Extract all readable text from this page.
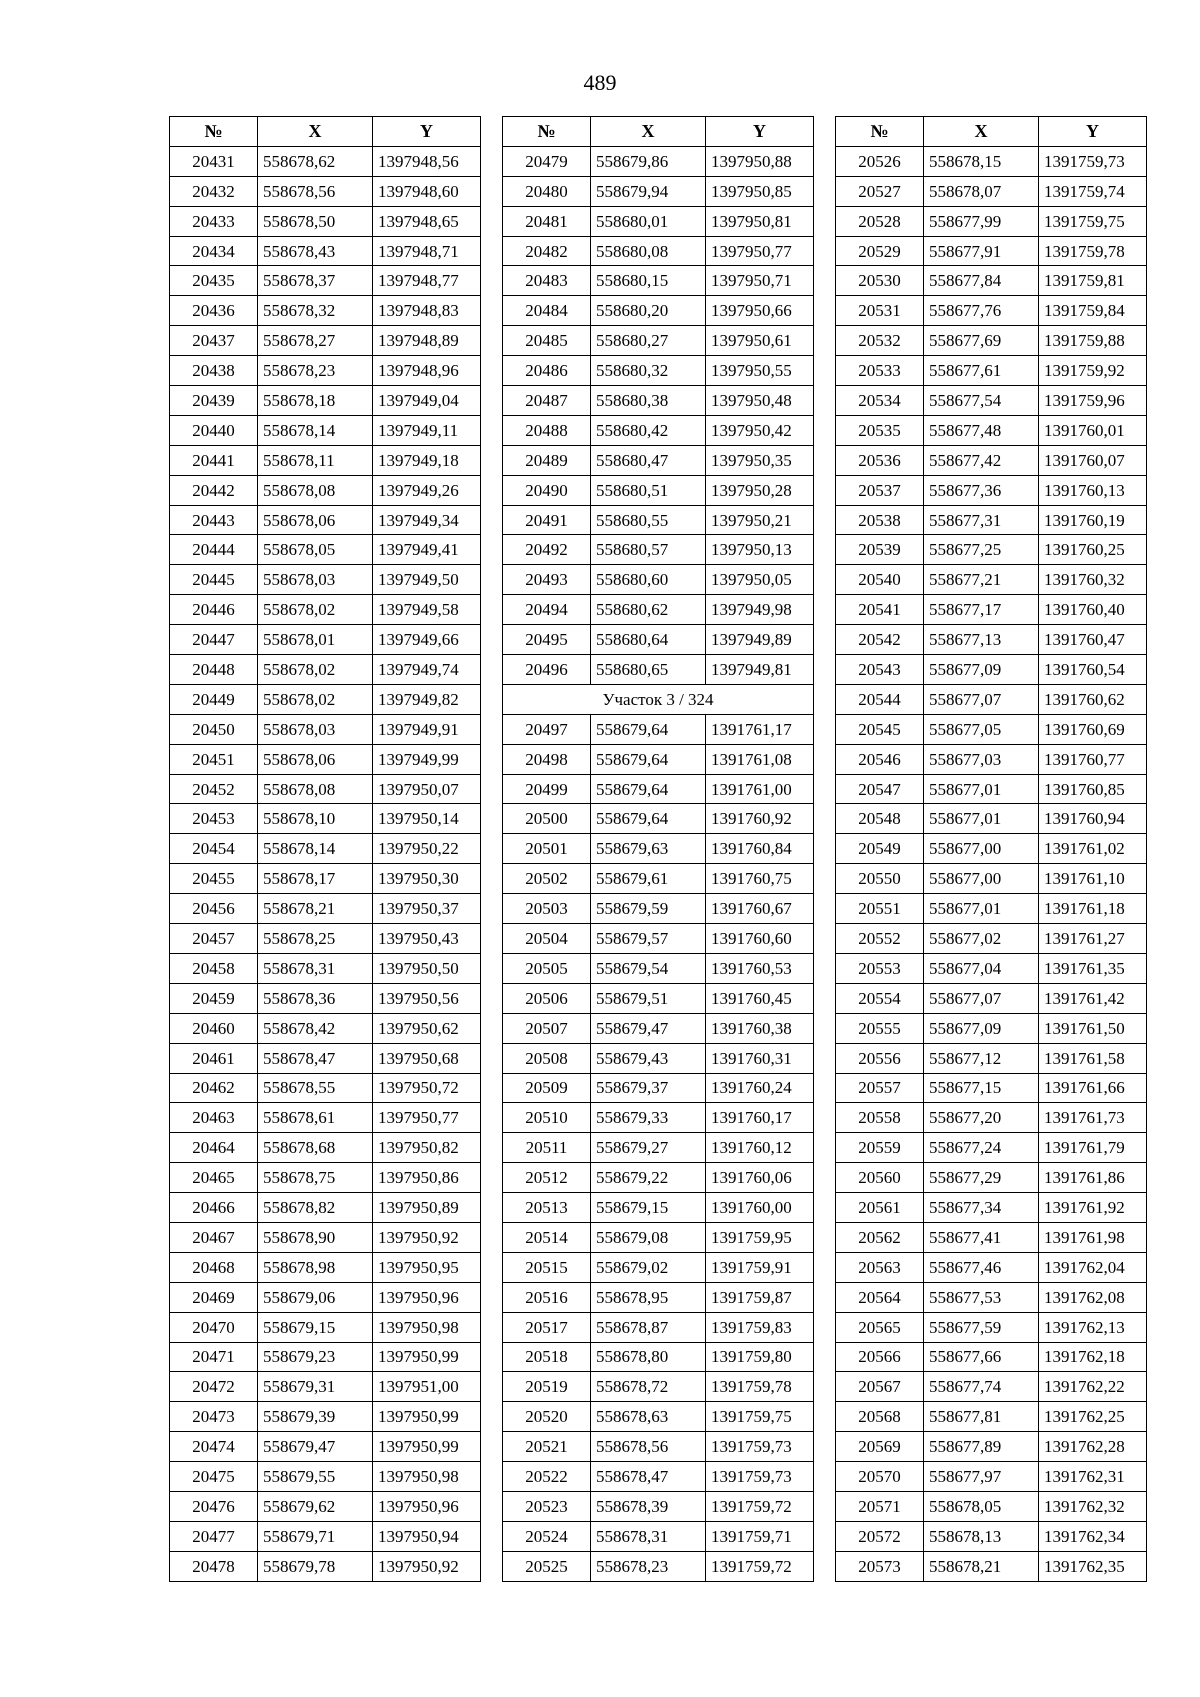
489
№	X	Y
20431	558678,62	1397948,56
20432	558678,56	1397948,60
20433	558678,50	1397948,65
20434	558678,43	1397948,71
20435	558678,37	1397948,77
20436	558678,32	1397948,83
20437	558678,27	1397948,89
20438	558678,23	1397948,96
20439	558678,18	1397949,04
20440	558678,14	1397949,11
20441	558678,11	1397949,18
20442	558678,08	1397949,26
20443	558678,06	1397949,34
20444	558678,05	1397949,41
20445	558678,03	1397949,50
20446	558678,02	1397949,58
20447	558678,01	1397949,66
20448	558678,02	1397949,74
20449	558678,02	1397949,82
20450	558678,03	1397949,91
20451	558678,06	1397949,99
20452	558678,08	1397950,07
20453	558678,10	1397950,14
20454	558678,14	1397950,22
20455	558678,17	1397950,30
20456	558678,21	1397950,37
20457	558678,25	1397950,43
20458	558678,31	1397950,50
20459	558678,36	1397950,56
20460	558678,42	1397950,62
20461	558678,47	1397950,68
20462	558678,55	1397950,72
20463	558678,61	1397950,77
20464	558678,68	1397950,82
20465	558678,75	1397950,86
20466	558678,82	1397950,89
20467	558678,90	1397950,92
20468	558678,98	1397950,95
20469	558679,06	1397950,96
20470	558679,15	1397950,98
20471	558679,23	1397950,99
20472	558679,31	1397951,00
20473	558679,39	1397950,99
20474	558679,47	1397950,99
20475	558679,55	1397950,98
20476	558679,62	1397950,96
20477	558679,71	1397950,94
20478	558679,78	1397950,92
№	X	Y
20479	558679,86	1397950,88
20480	558679,94	1397950,85
20481	558680,01	1397950,81
20482	558680,08	1397950,77
20483	558680,15	1397950,71
20484	558680,20	1397950,66
20485	558680,27	1397950,61
20486	558680,32	1397950,55
20487	558680,38	1397950,48
20488	558680,42	1397950,42
20489	558680,47	1397950,35
20490	558680,51	1397950,28
20491	558680,55	1397950,21
20492	558680,57	1397950,13
20493	558680,60	1397950,05
20494	558680,62	1397949,98
20495	558680,64	1397949,89
20496	558680,65	1397949,81
Участок 3 / 324		
20497	558679,64	1391761,17
20498	558679,64	1391761,08
20499	558679,64	1391761,00
20500	558679,64	1391760,92
20501	558679,63	1391760,84
20502	558679,61	1391760,75
20503	558679,59	1391760,67
20504	558679,57	1391760,60
20505	558679,54	1391760,53
20506	558679,51	1391760,45
20507	558679,47	1391760,38
20508	558679,43	1391760,31
20509	558679,37	1391760,24
20510	558679,33	1391760,17
20511	558679,27	1391760,12
20512	558679,22	1391760,06
20513	558679,15	1391760,00
20514	558679,08	1391759,95
20515	558679,02	1391759,91
20516	558678,95	1391759,87
20517	558678,87	1391759,83
20518	558678,80	1391759,80
20519	558678,72	1391759,78
20520	558678,63	1391759,75
20521	558678,56	1391759,73
20522	558678,47	1391759,73
20523	558678,39	1391759,72
20524	558678,31	1391759,71
20525	558678,23	1391759,72
№	X	Y
20526	558678,15	1391759,73
20527	558678,07	1391759,74
20528	558677,99	1391759,75
20529	558677,91	1391759,78
20530	558677,84	1391759,81
20531	558677,76	1391759,84
20532	558677,69	1391759,88
20533	558677,61	1391759,92
20534	558677,54	1391759,96
20535	558677,48	1391760,01
20536	558677,42	1391760,07
20537	558677,36	1391760,13
20538	558677,31	1391760,19
20539	558677,25	1391760,25
20540	558677,21	1391760,32
20541	558677,17	1391760,40
20542	558677,13	1391760,47
20543	558677,09	1391760,54
20544	558677,07	1391760,62
20545	558677,05	1391760,69
20546	558677,03	1391760,77
20547	558677,01	1391760,85
20548	558677,01	1391760,94
20549	558677,00	1391761,02
20550	558677,00	1391761,10
20551	558677,01	1391761,18
20552	558677,02	1391761,27
20553	558677,04	1391761,35
20554	558677,07	1391761,42
20555	558677,09	1391761,50
20556	558677,12	1391761,58
20557	558677,15	1391761,66
20558	558677,20	1391761,73
20559	558677,24	1391761,79
20560	558677,29	1391761,86
20561	558677,34	1391761,92
20562	558677,41	1391761,98
20563	558677,46	1391762,04
20564	558677,53	1391762,08
20565	558677,59	1391762,13
20566	558677,66	1391762,18
20567	558677,74	1391762,22
20568	558677,81	1391762,25
20569	558677,89	1391762,28
20570	558677,97	1391762,31
20571	558678,05	1391762,32
20572	558678,13	1391762,34
20573	558678,21	1391762,35
